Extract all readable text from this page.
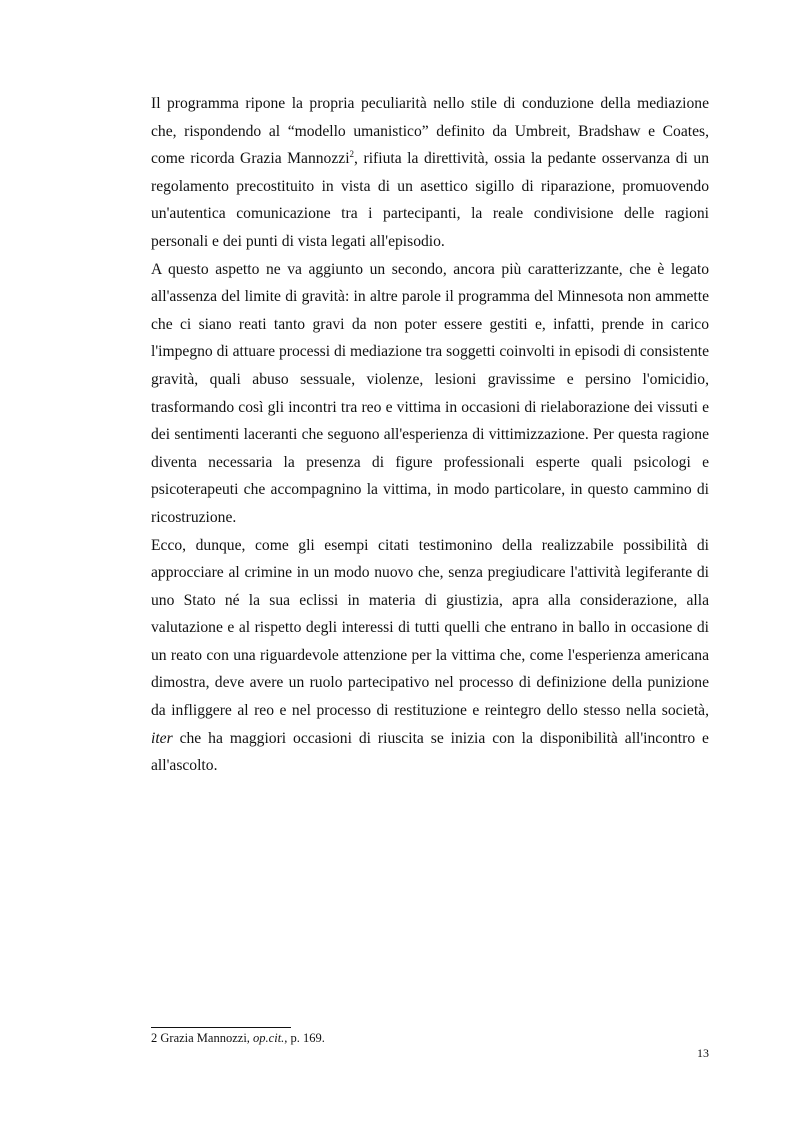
Il programma ripone la propria peculiarità nello stile di conduzione della mediazione che, rispondendo al “modello umanistico” definito da Umbreit, Bradshaw e Coates, come ricorda Grazia Mannozzi$^2$, rifiuta la direttività, ossia la pedante osservanza di un regolamento precostituito in vista di un asettico sigillo di riparazione, promuovendo un'autentica comunicazione tra i partecipanti, la reale condivisione delle ragioni personali e dei punti di vista legati all'episodio.

A questo aspetto ne va aggiunto un secondo, ancora più caratterizzante, che è legato all'assenza del limite di gravità: in altre parole il programma del Minnesota non ammette che ci siano reati tanto gravi da non poter essere gestiti e, infatti, prende in carico l'impegno di attuare processi di mediazione tra soggetti coinvolti in episodi di consistente gravità, quali abuso sessuale, violenze, lesioni gravissime e persino l'omicidio, trasformando così gli incontri tra reo e vittima in occasioni di rielaborazione dei vissuti e dei sentimenti laceranti che seguono all'esperienza di vittimizzazione. Per questa ragione diventa necessaria la presenza di figure professionali esperte quali psicologi e psicoterapeuti che accompagnino la vittima, in modo particolare, in questo cammino di ricostruzione.

Ecco, dunque, come gli esempi citati testimonino della realizzabile possibilità di approcciare al crimine in un modo nuovo che, senza pregiudicare l'attività legiferante di uno Stato né la sua eclissi in materia di giustizia, apra alla considerazione, alla valutazione e al rispetto degli interessi di tutti quelli che entrano in ballo in occasione di un reato con una riguardevole attenzione per la vittima che, come l'esperienza americana dimostra, deve avere un ruolo partecipativo nel processo di definizione della punizione da infliggere al reo e nel processo di restituzione e reintegro dello stesso nella società, iter che ha maggiori occasioni di riuscita se inizia con la disponibilità all'incontro e all'ascolto.

2 Grazia Mannozzi, op.cit., p. 169.
13
